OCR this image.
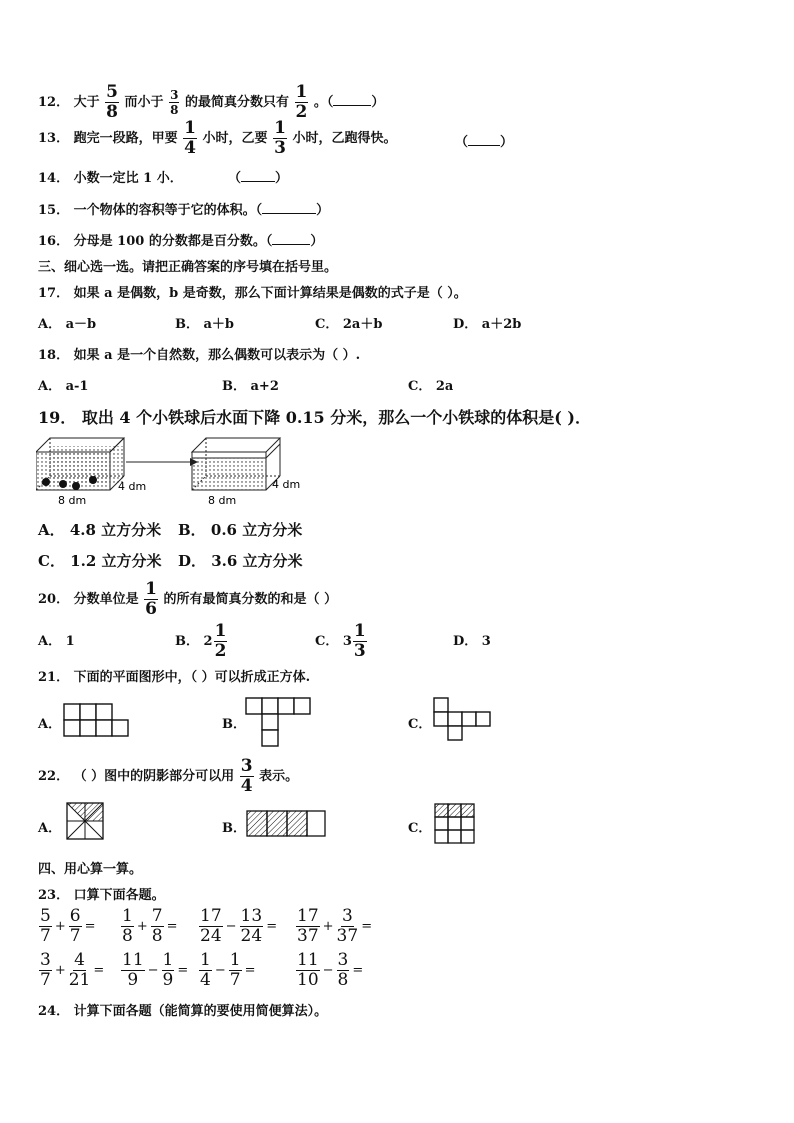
12． 大于 $\frac{5}{8}$ 而小于 $\frac{3}{8}$ 的最简真分数只有 $\frac{1}{2}$ 。（	）
13． 跑完一段路，甲要 $\frac{1}{4}$ 小时，乙要 $\frac{1}{3}$ 小时，乙跑得快。	（ ）
14． 小数一定比 1 小．	（	）
15． 一个物体的容积等于它的体积。（	）
16． 分母是 100 的分数都是百分数。（	）
三、细心选一选。请把正确答案的序号填在括号里。
17． 如果 a 是偶数，b 是奇数，那么下面计算结果是偶数的式子是（ ）。
A． a－b	B． a＋b	C． 2a＋b	D． a＋2b
18． 如果 a 是一个自然数，那么偶数可以表示为（ ）.
A． a-1	B． a+2	C． 2a
19． 取出 4 个小铁球后水面下降 0.15 分米，那么一个小铁球的体积是( )．
8 dm
4 dm
8 dm
4 dm
A． 4.8 立方分米 B． 0.6 立方分米
C． 1.2 立方分米 D． 3.6 立方分米
20． 分数单位是 $\frac{1}{6}$ 的所有最简真分数的和是（ ）
A． 1	B． $2 \frac{1}{2}$	C． $3 \frac{1}{3}$	D． 3
21． 下面的平面图形中，（ ）可以折成正方体.
A．	B．	C．
22． （ ）图中的阴影部分可以用 $\frac{3}{4}$ 表示。
A．	B．	C．
四、用心算一算。
23． 口算下面各题。
$\frac{5}{7} + \frac{6}{7} = \frac{1}{8} + \frac{7}{8} = \frac{17}{24} - \frac{13}{24} = \frac{17}{37} + \frac{3}{37}$ =
$\frac{3}{7} + \frac{4}{21} = \frac{11}{9} - \frac{1}{9} = \frac{1}{4} - \frac{1}{7} = \frac{11}{10} - \frac{3}{8}$ =
24． 计算下面各题（能简算的要使用简便算法）。
